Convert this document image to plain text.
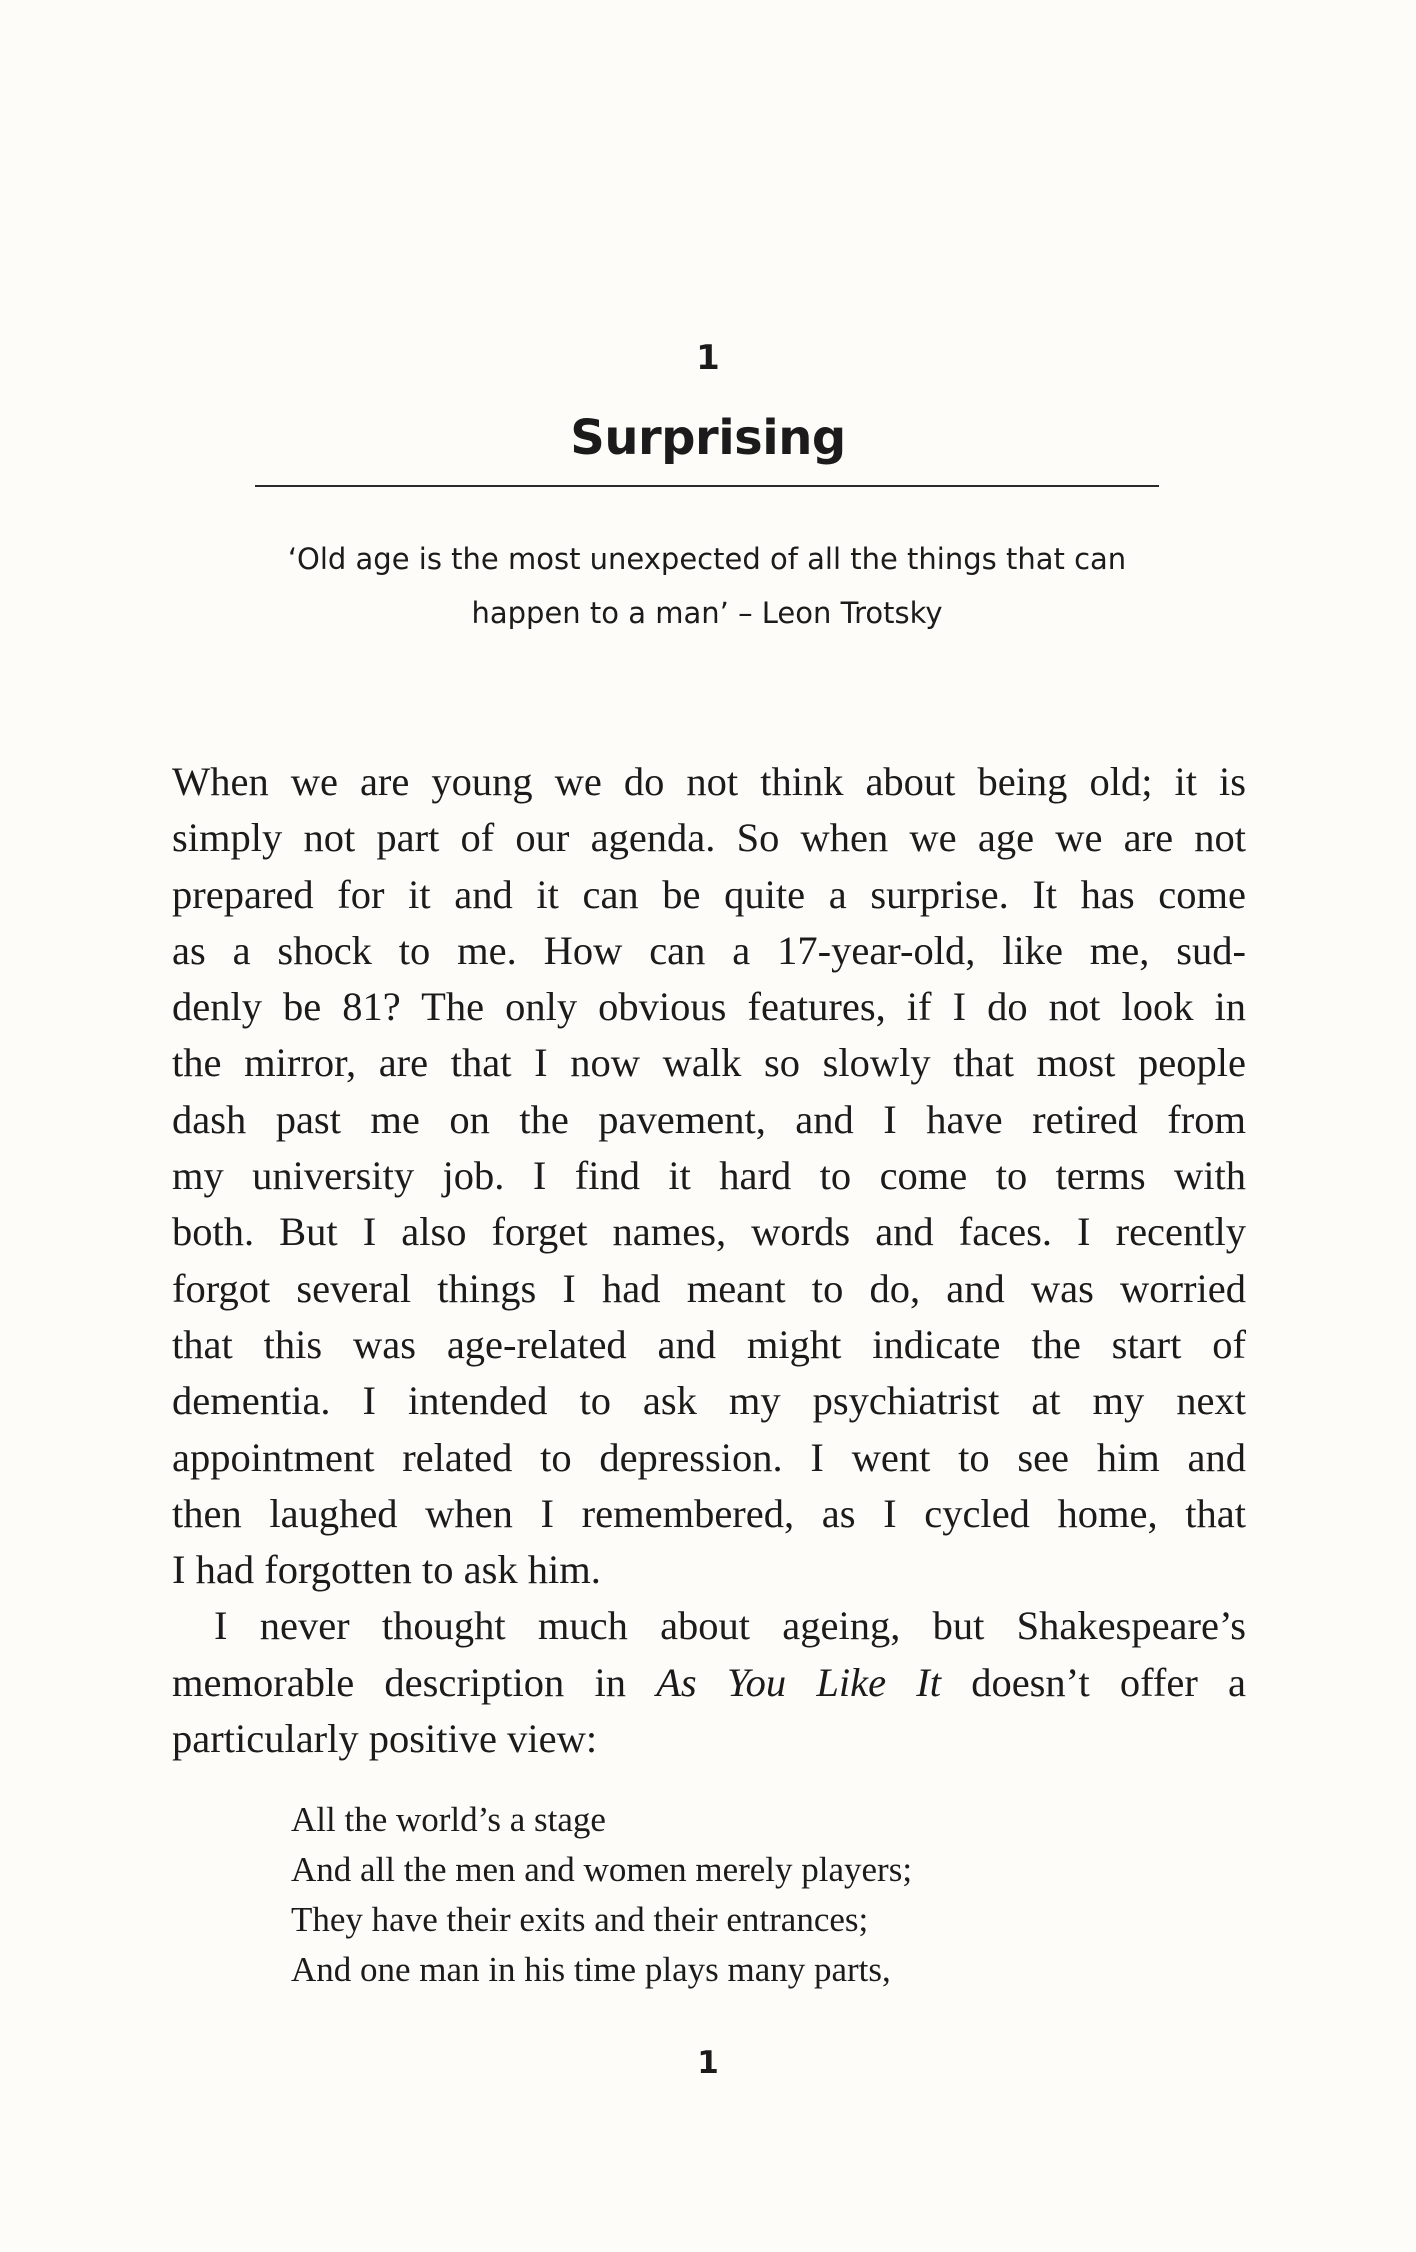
1
Surprising
‘Old age is the most unexpected of all the things that can
happen to a man’ – Leon Trotsky
When we are young we do not think about being old; it is
simply not part of our agenda. So when we age we are not
prepared for it and it can be quite a surprise. It has come
as a shock to me. How can a 17-year-old, like me, sud-
denly be 81? The only obvious features, if I do not look in
the mirror, are that I now walk so slowly that most people
dash past me on the pavement, and I have retired from
my university job. I find it hard to come to terms with
both. But I also forget names, words and faces. I recently
forgot several things I had meant to do, and was worried
that this was age-related and might indicate the start of
dementia. I intended to ask my psychiatrist at my next
appointment related to depression. I went to see him and
then laughed when I remembered, as I cycled home, that
I had forgotten to ask him.
I never thought much about ageing, but Shakespeare’s
memorable description in As You Like It doesn’t offer a
particularly positive view:
All the world’s a stage
And all the men and women merely players;
They have their exits and their entrances;
And one man in his time plays many parts,
1
